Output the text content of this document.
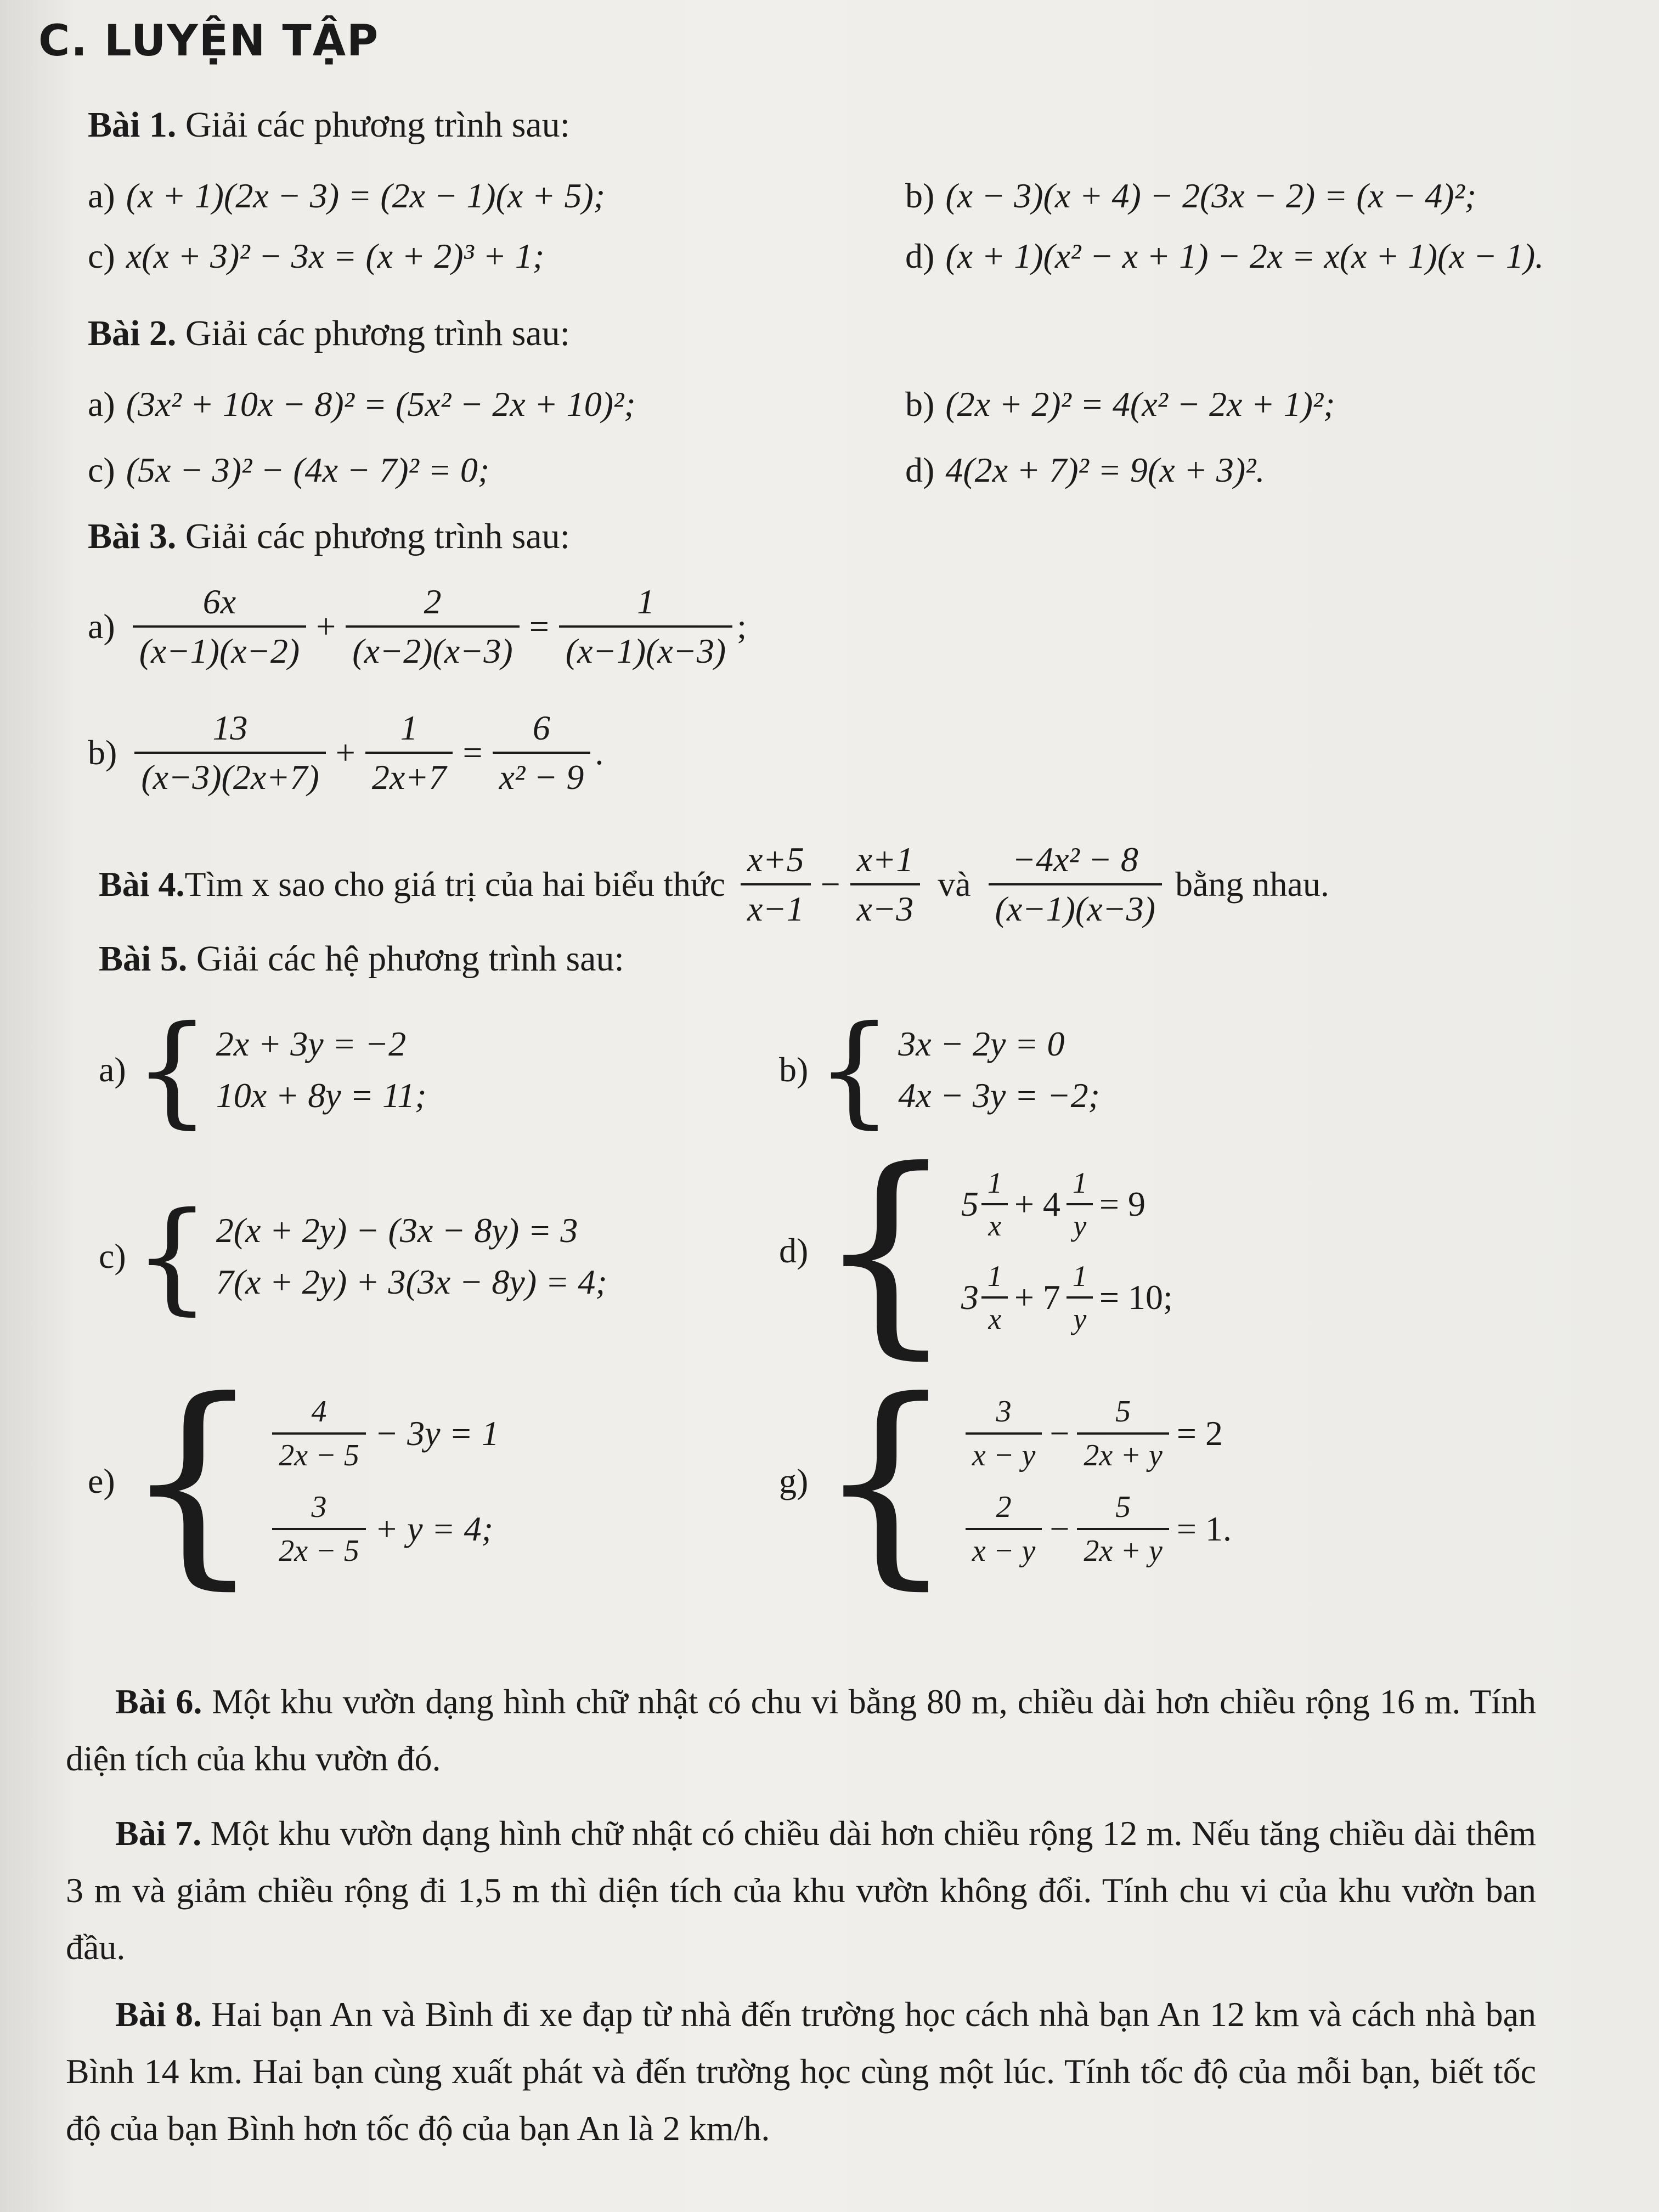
C. LUYỆN TẬP
Bài 1. Giải các phương trình sau:
a) (x + 1)(2x − 3) = (2x − 1)(x + 5);	b) (x − 3)(x + 4) − 2(3x − 2) = (x − 4)²;
c) x(x + 3)² − 3x = (x + 2)³ + 1;	d) (x + 1)(x² − x + 1) − 2x = x(x + 1)(x − 1).
Bài 2. Giải các phương trình sau:
a) (3x² + 10x − 8)² = (5x² − 2x + 10)²;	b) (2x + 2)² = 4(x² − 2x + 1)²;
c) (5x − 3)² − (4x − 7)² = 0;	d) 4(2x + 7)² = 9(x + 3)².
Bài 3. Giải các phương trình sau:
$a) \frac{6x}{(x-1)(x-2)} + \frac{2}{(x-2)(x-3)} = \frac{1}{(x-1)(x-3)}$ ;
$b) \frac{13}{(x-3)(2x+7)} + \frac{1}{2x+7} = \frac{6}{\text{x² − 9}}$ .
Bài 4. Tìm x sao cho giá trị của hai biểu thức $\frac{x+5}{x-1} - \frac{x+1}{x-3}$ và $\frac{\text{−4x² − 8}}{(x-1)(x-3)}$ bằng nhau.
Bài 5. Giải các hệ phương trình sau:
a) { 2x + 3y = −2
10x + 8y = 11;
b) { 3x − 2y = 0
4x − 3y = −2;
c) { 2(x + 2y) − (3x − 8y) = 3
7(x + 2y) + 3(3x − 8y) = 4;
d) { $5 \frac{1}{x} + 4 \frac{1}{y} = 9$
$3 \frac{1}{x} + 7 \frac{1}{y} = 10$;
e) { $\frac{4}{2x - 5} - 3y = 1$
$\frac{3}{2x - 5} + y = 4$;
g) { $\frac{3}{x - y} - \frac{5}{2x + y} = 2$
$\frac{2}{x - y} - \frac{5}{2x + y} = 1$.
Bài 6. Một khu vườn dạng hình chữ nhật có chu vi bằng 80 m, chiều dài hơn chiều rộng 16 m. Tính diện tích của khu vườn đó.
Bài 7. Một khu vườn dạng hình chữ nhật có chiều dài hơn chiều rộng 12 m. Nếu tăng chiều dài thêm 3 m và giảm chiều rộng đi 1,5 m thì diện tích của khu vườn không đổi. Tính chu vi của khu vườn ban đầu.
Bài 8. Hai bạn An và Bình đi xe đạp từ nhà đến trường học cách nhà bạn An 12 km và cách nhà bạn Bình 14 km. Hai bạn cùng xuất phát và đến trường học cùng một lúc. Tính tốc độ của mỗi bạn, biết tốc độ của bạn Bình hơn tốc độ của bạn An là 2 km/h.
